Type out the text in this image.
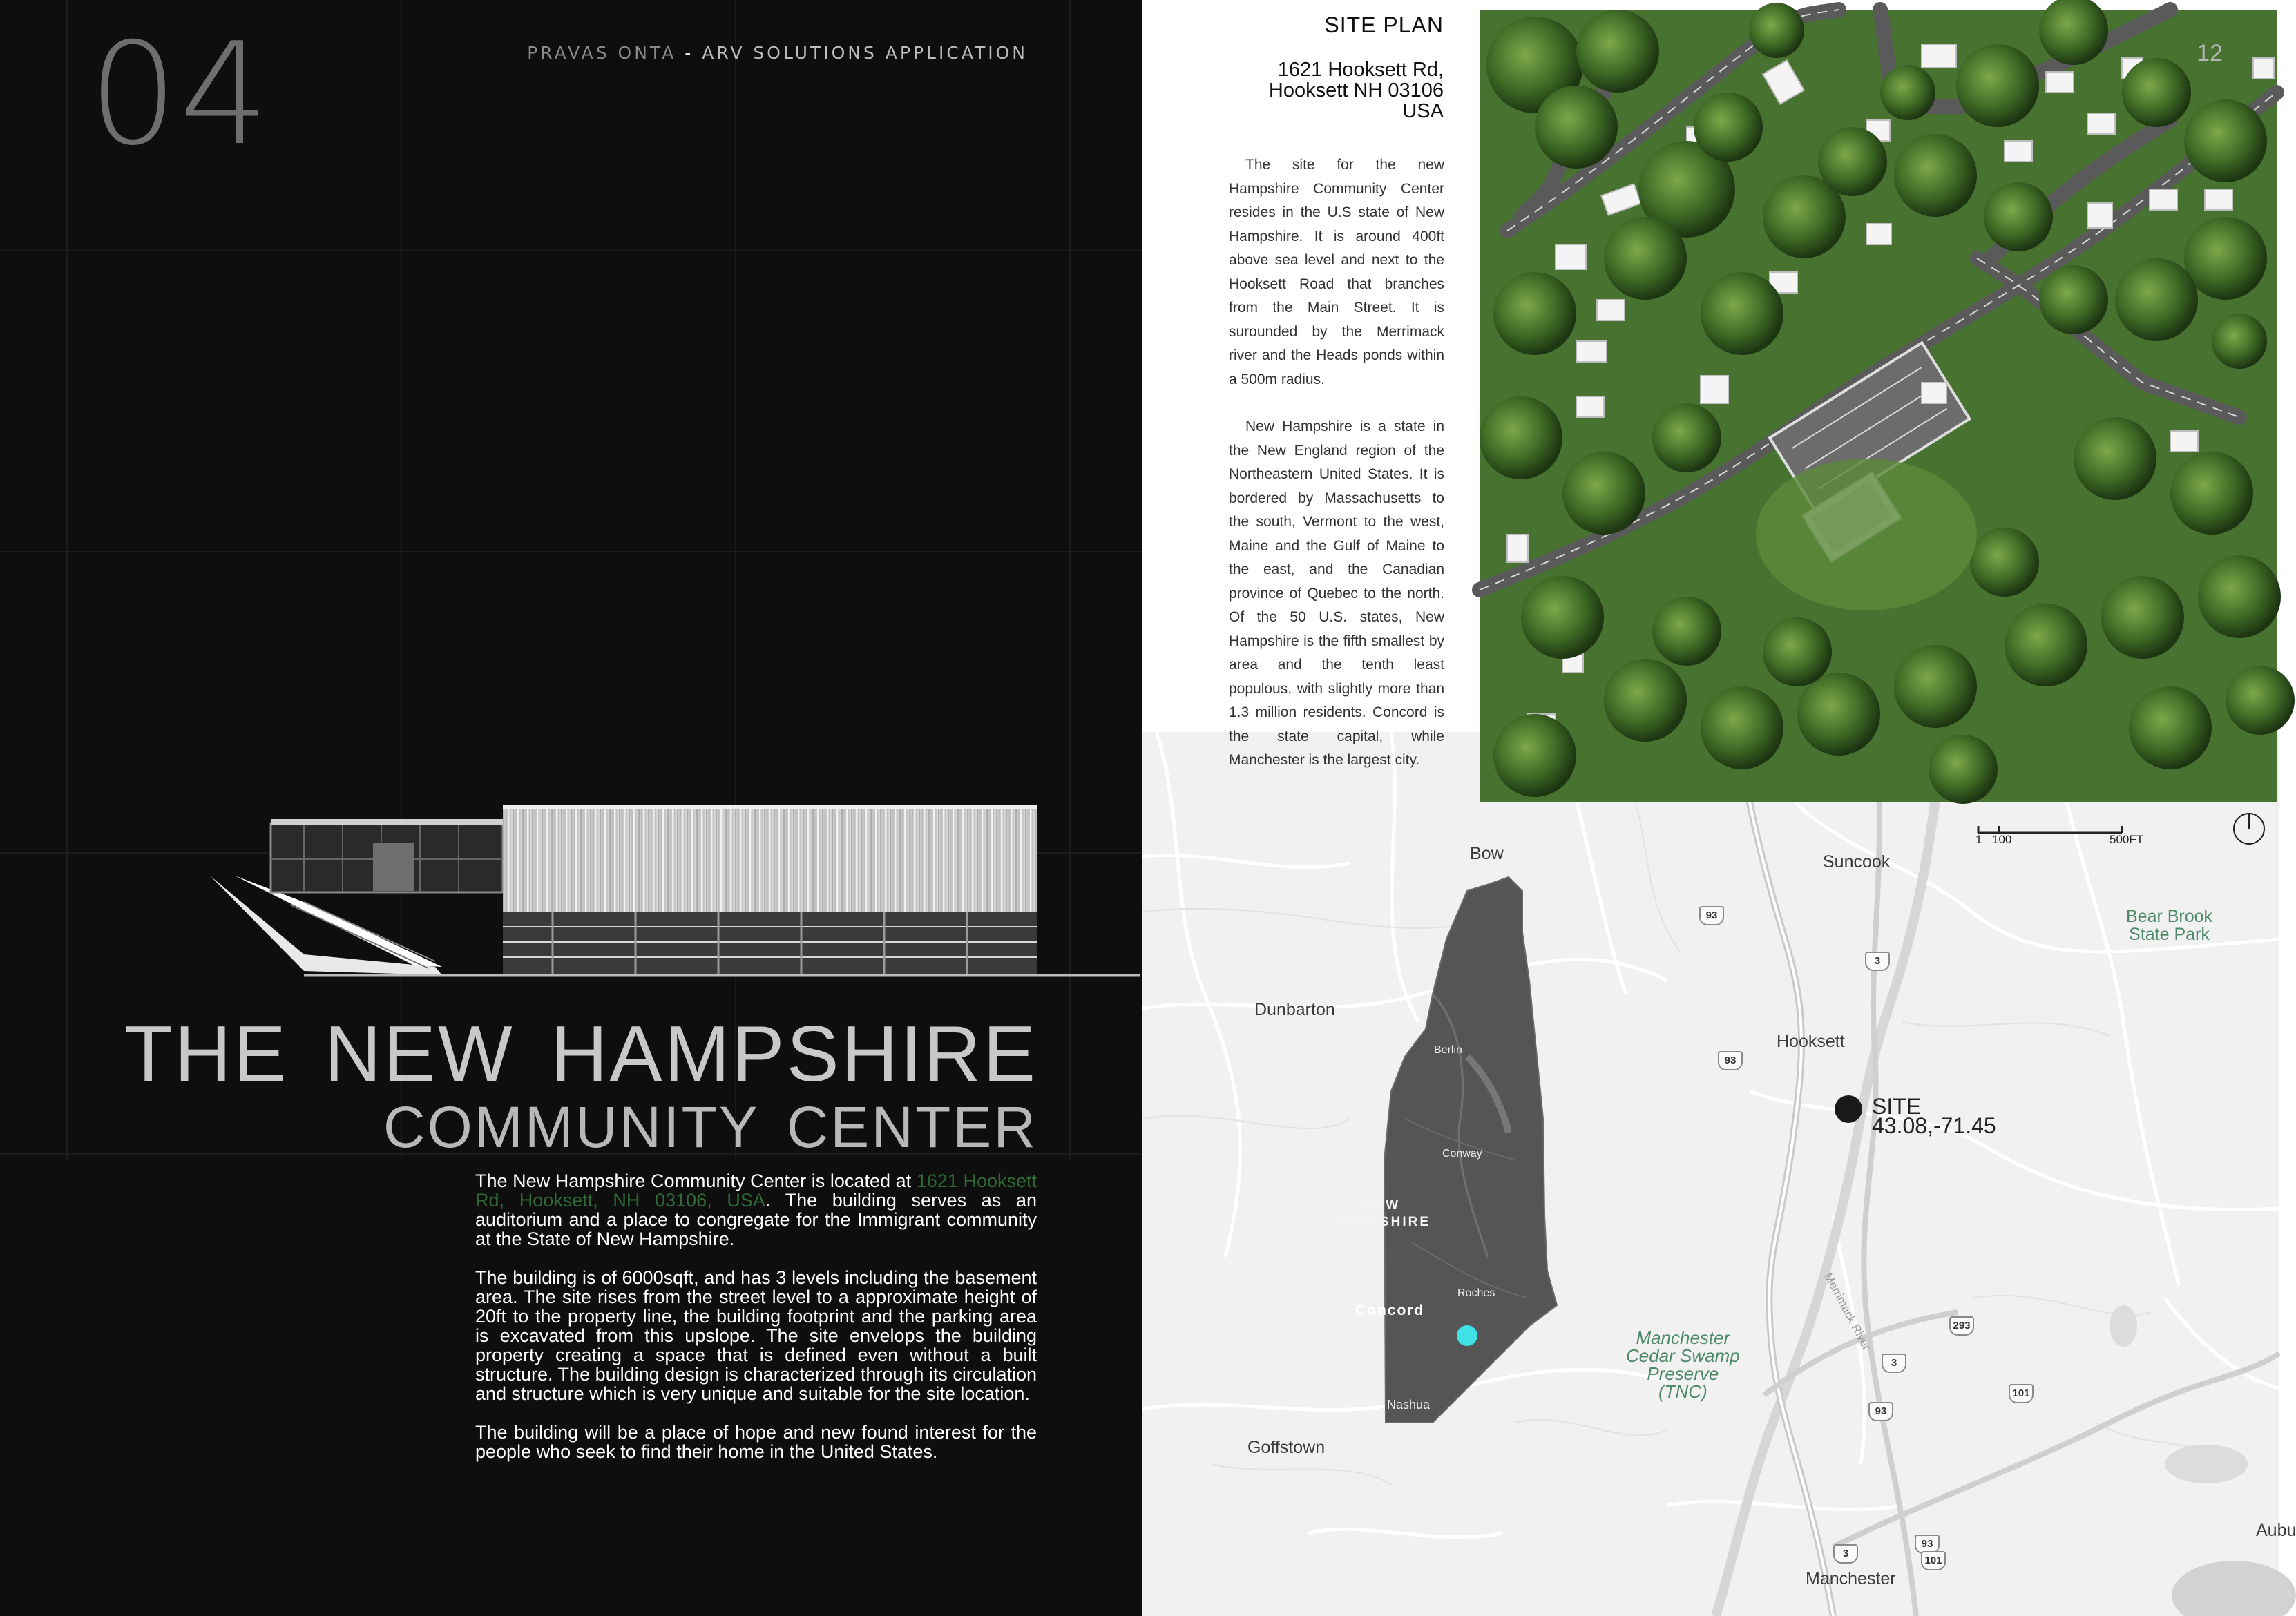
04	PRAVAS ONTA - ARV SOLUTIONS APPLICATION
THE NEW HAMPSHIRE
COMMUNITY CENTER

The New Hampshire Community Center is located at 1621 Hooksett Rd, Hooksett, NH 03106, USA. The building serves as an auditorium and a place to congregate for the Immigrant community at the State of New Hampshire.

The building is of 6000sqft, and has 3 levels including the basement area. The site rises from the street level to a approximate height of 20ft to the property line, the building footprint and the parking area is excavated from this upslope. The site envelops the building property creating a space that is defined even without a built structure. The building design is characterized through its circulation and structure which is very unique and suitable for the site location.

The building will be a place of hope and new found interest for the people who seek to find their home in the United States.

Bow	Suncook
Dunbarton
Hooksett
Goffstown
Manchester
Aubu
Bear Brook
State Park
Manchester
Cedar Swamp
Preserve
(TNC)
Merrimack River
NEW
HAMPSHIRE
Concord
Berlin
Conway
over
remont
Roches
Keene
Nashua
SITE
43.08,-71.45
1 100	500FT
SITE PLAN
1621 Hooksett Rd,
Hooksett NH 03106
USA

The site for the new Hampshire Community Center resides in the U.S state of New Hampshire. It is around 400ft above sea level and next to the Hooksett Road that branches from the Main Street. It is surounded by the Merrimack river and the Heads ponds within a 500m radius.

New Hampshire is a state in the New England region of the Northeastern United States. It is bordered by Massachusetts to the south, Vermont to the west, Maine and the Gulf of Maine to the east, and the Canadian province of Quebec to the north. Of the 50 U.S. states, New Hampshire is the fifth smallest by area and the tenth least populous, with slightly more than 1.3 million residents. Concord is the state capital, while Manchester is the largest city.

12
93
3
93
293
3
93
101
93
3
101
